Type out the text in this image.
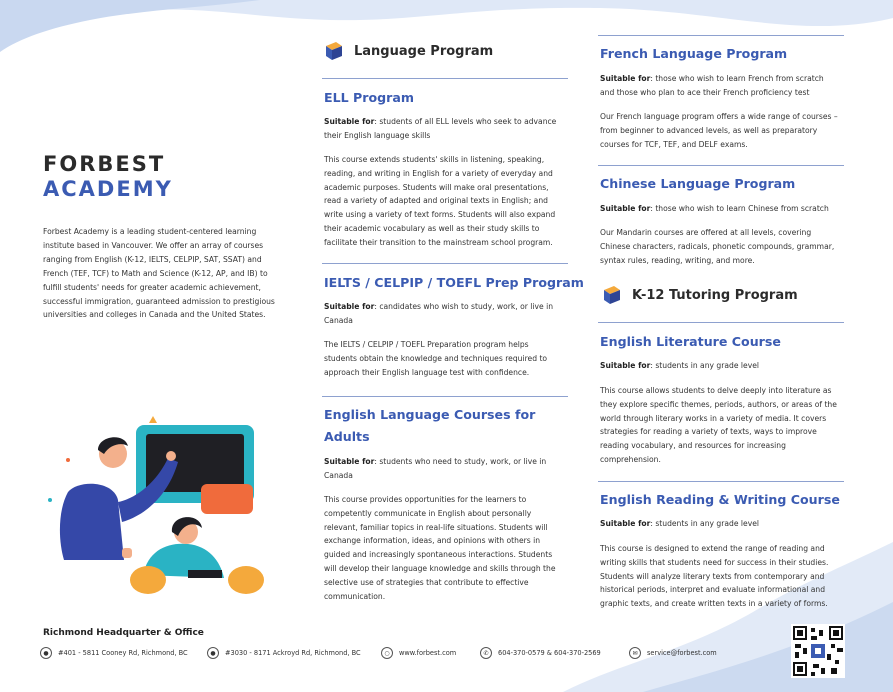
FORBEST
ACADEMY
Forbest Academy is a leading student-centered learning institute based in Vancouver. We offer an array of courses ranging from English (K-12, IELTS, CELPIP, SAT, SSAT) and French (TEF, TCF) to Math and Science (K-12, AP, and IB) to fulfill students' needs for greater academic achievement, successful immigration, guaranteed admission to prestigious universities and colleges in Canada and the United States.
Language Program
ELL Program
Suitable for: students of all ELL levels who seek to advance their English language skills
This course extends students' skills in listening, speaking, reading, and writing in English for a variety of everyday and academic purposes. Students will make oral presentations, read a variety of adapted and original texts in English; and write using a variety of text forms. Students will also expand their academic vocabulary as well as their study skills to facilitate their transition to the mainstream school program.
IELTS / CELPIP / TOEFL Prep Program
Suitable for: candidates who wish to study, work, or live in Canada
The IELTS / CELPIP / TOEFL Preparation program helps students obtain the knowledge and techniques required to approach their English language test with confidence.
English Language Courses for Adults
Suitable for: students who need to study, work, or live in Canada
This course provides opportunities for the learners to competently communicate in English about personally relevant, familiar topics in real-life situations. Students will exchange information, ideas, and opinions with others in guided and increasingly spontaneous interactions. Students will develop their language knowledge and skills through the selective use of strategies that contribute to effective communication.
French Language Program
Suitable for: those who wish to learn French from scratch and those who plan to ace their French proficiency test
Our French language program offers a wide range of courses – from beginner to advanced levels, as well as preparatory courses for TCF, TEF, and DELF exams.
Chinese Language Program
Suitable for: those who wish to learn Chinese from scratch
Our Mandarin courses are offered at all levels, covering Chinese characters, radicals, phonetic compounds, grammar, syntax rules, reading, writing, and more.
K-12 Tutoring Program
English Literature Course
Suitable for: students in any grade level
This course allows students to delve deeply into literature as they explore specific themes, periods, authors, or areas of the world through literary works in a variety of media. It covers strategies for reading a variety of texts, ways to improve reading vocabulary, and resources for increasing comprehension.
English Reading & Writing Course
Suitable for: students in any grade level
This course is designed to extend the range of reading and writing skills that students need for success in their studies. Students will analyze literary texts from contemporary and historical periods, interpret and evaluate informational and graphic texts, and create written texts in a variety of forms.
Richmond Headquarter & Office
●	#401 - 5811 Cooney Rd, Richmond, BC	●	#3030 - 8171 Ackroyd Rd, Richmond, BC	○	www.forbest.com	✆	604-370-0579 & 604-370-2569	✉	service@forbest.com
